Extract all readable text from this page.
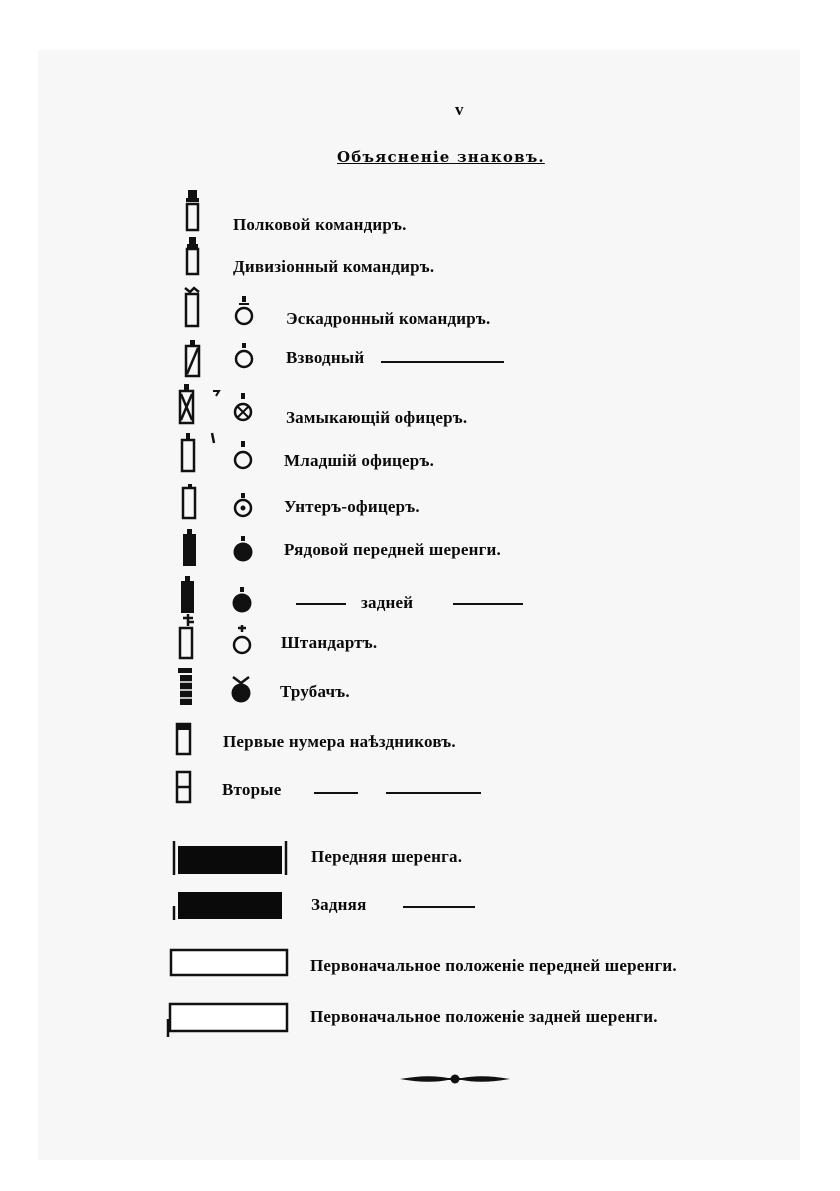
v
Объясненіе знаковъ.
Полковой командиръ.
Дивизіонный командиръ.
Эскадронный командиръ.
Взводный
Замыкающій офицеръ.
Младшій офицеръ.
Унтеръ-офицеръ.
Рядовой передней шеренги.
задней
Штандартъ.
Трубачъ.
Первые нумера наѣздниковъ.
Вторые
Передняя шеренга.
Задняя
Первоначальное положеніе передней шеренги.
Первоначальное положеніе задней шеренги.
